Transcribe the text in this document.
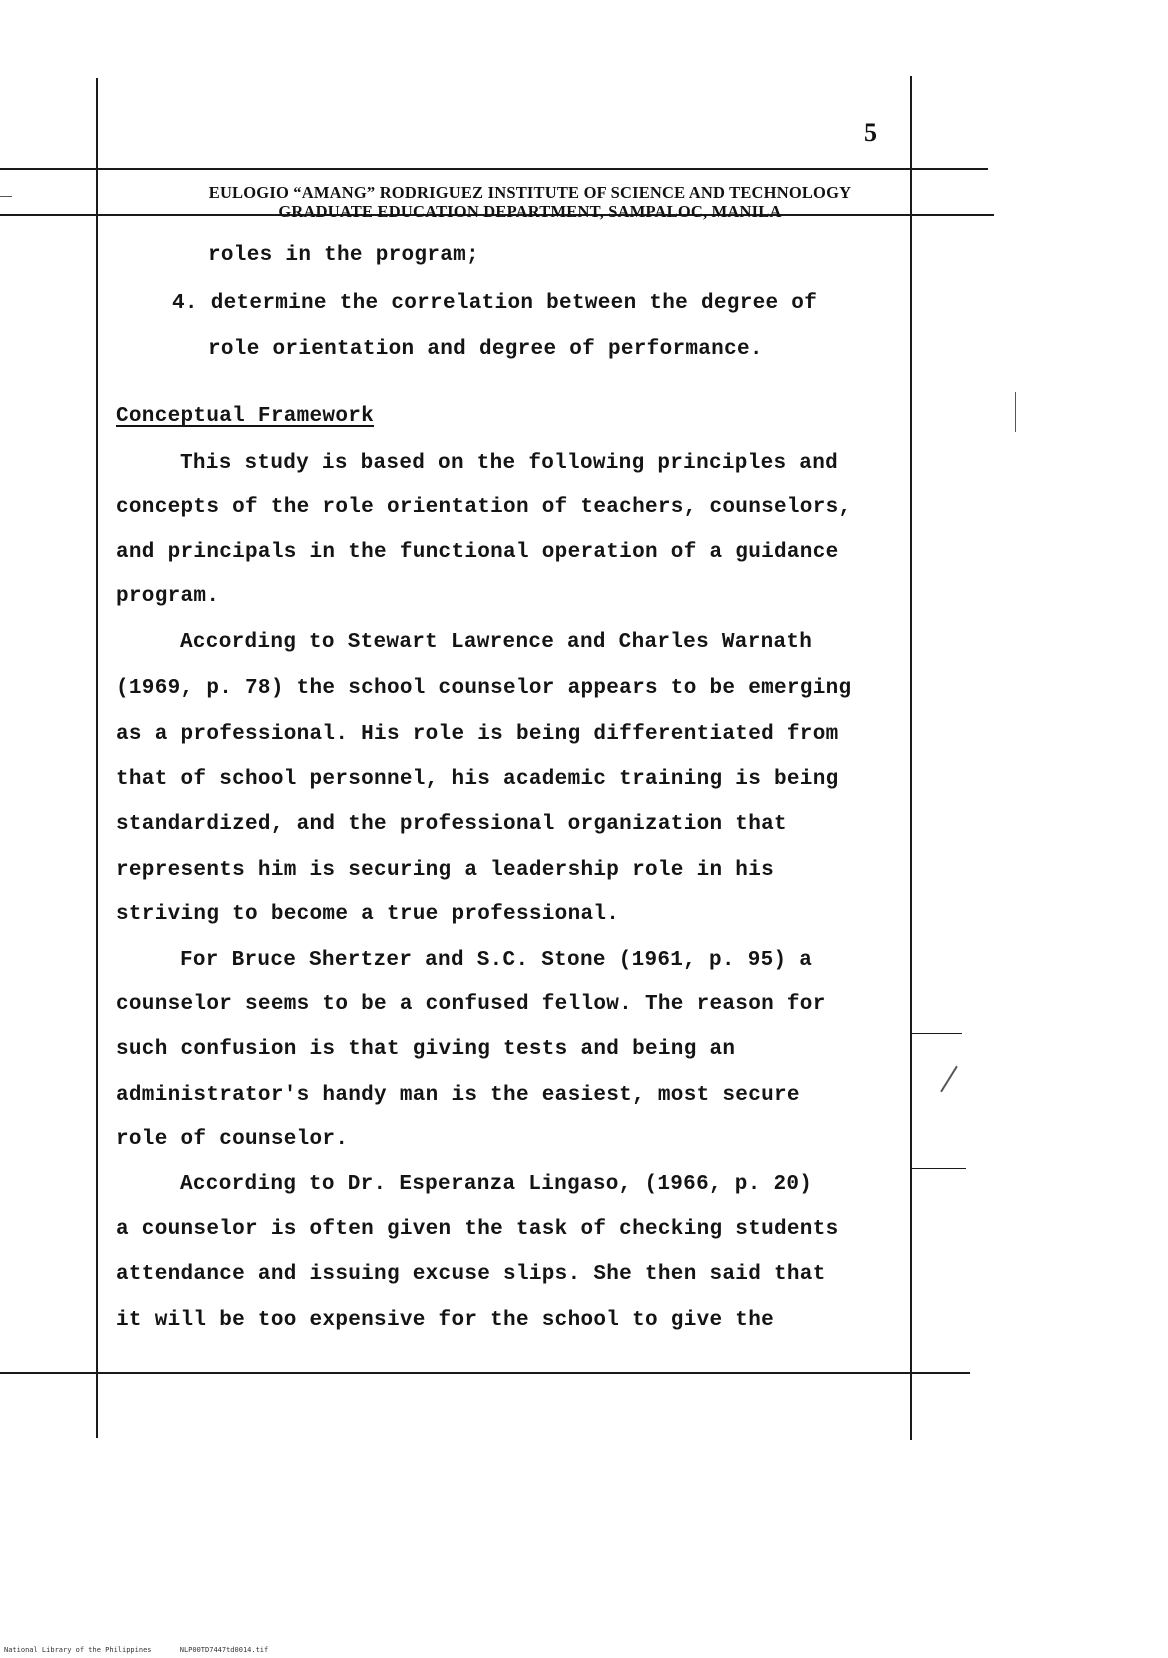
5
EULOGIO “AMANG” RODRIGUEZ INSTITUTE OF SCIENCE AND TECHNOLOGY
GRADUATE EDUCATION DEPARTMENT, SAMPALOC, MANILA
roles in the program;
4. determine the correlation between the degree of
role orientation and degree of performance.
Conceptual Framework
This study is based on the following principles and
concepts of the role orientation of teachers, counselors,
and principals in the functional operation of a guidance
program.
According to Stewart Lawrence and Charles Warnath
(1969, p. 78) the school counselor appears to be emerging
as a professional. His role is being differentiated from
that of school personnel, his academic training is being
standardized, and the professional organization that
represents him is securing a leadership role in his
striving to become a true professional.
For Bruce Shertzer and S.C. Stone (1961, p. 95) a
counselor seems to be a confused fellow. The reason for
such confusion is that giving tests and being an
administrator's handy man is the easiest, most secure
role of counselor.
According to Dr. Esperanza Lingaso, (1966, p. 20)
a counselor is often given the task of checking students
attendance and issuing excuse slips. She then said that
it will be too expensive for the school to give the
National Library of the Philippines	NLP00TD7447td0014.tif
